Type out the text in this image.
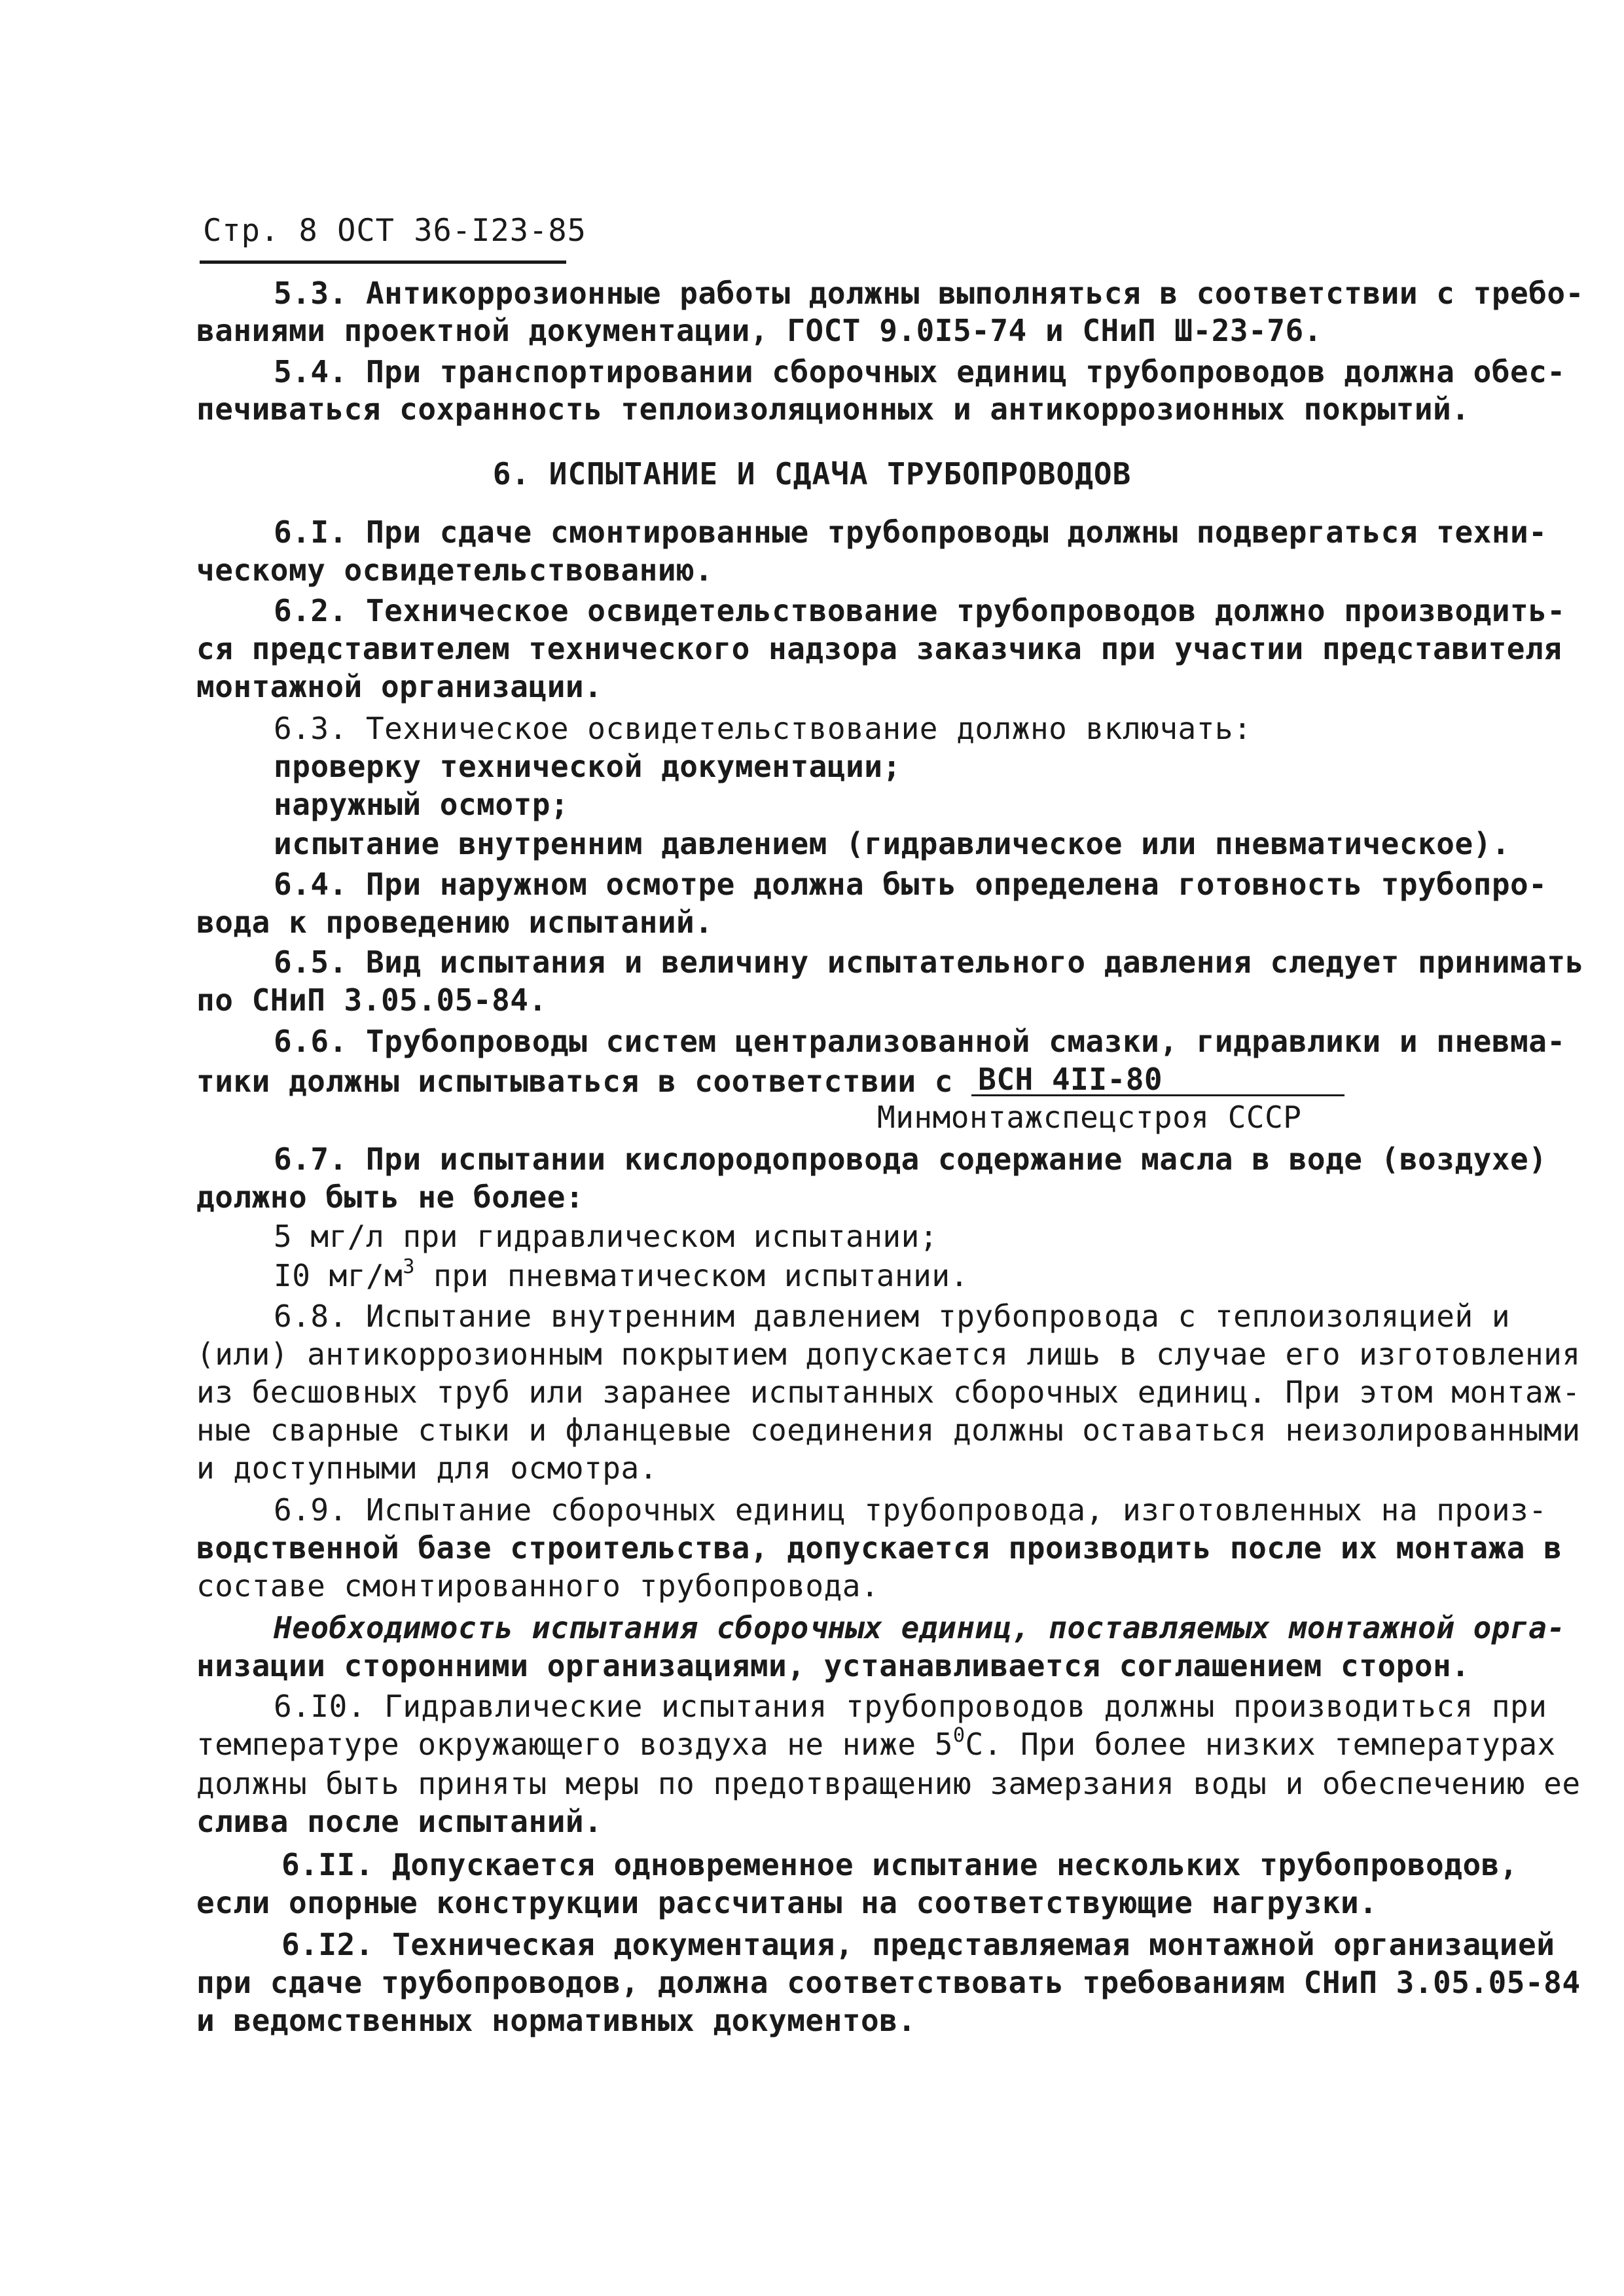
Стр. 8 ОСТ 36-I23-85
5.3. Антикоррозионные работы должны выполняться в соответствии с требо-
ваниями проектной документации, ГОСТ 9.0I5-74 и СНиП Ш-23-76.
5.4. При транспортировании сборочных единиц трубопроводов должна обес-
печиваться сохранность теплоизоляционных и антикоррозионных покрытий.
6. ИСПЫТАНИЕ И СДАЧА ТРУБОПРОВОДОВ
6.I. При сдаче смонтированные трубопроводы должны подвергаться техни-
ческому освидетельствованию.
6.2. Техническое освидетельствование трубопроводов должно производить-
ся представителем технического надзора заказчика при участии представителя
монтажной организации.
6.3. Техническое освидетельствование должно включать:
проверку технической документации;
наружный осмотр;
испытание внутренним давлением (гидравлическое или пневматическое).
6.4. При наружном осмотре должна быть определена готовность трубопро-
вода к проведению испытаний.
6.5. Вид испытания и величину испытательного давления следует принимать
по СНиП 3.05.05-84.
6.6. Трубопроводы систем централизованной смазки, гидравлики и пневма-
тики должны испытываться в соответствии с ВСН 4II-80
Минмонтажспецстроя СССР
6.7. При испытании кислородопровода содержание масла в воде (воздухе)
должно быть не более:
5 мг/л при гидравлическом испытании;
I0 $мг/м^3$ при пневматическом испытании.
6.8. Испытание внутренним давлением трубопровода с теплоизоляцией и
(или) антикоррозионным покрытием допускается лишь в случае его изготовления
из бесшовных труб или заранее испытанных сборочных единиц. При этом монтаж-
ные сварные стыки и фланцевые соединения должны оставаться неизолированными
и доступными для осмотра.
6.9. Испытание сборочных единиц трубопровода, изготовленных на произ-
водственной базе строительства, допускается производить после их монтажа в
составе смонтированного трубопровода.
Необходимость испытания сборочных единиц, поставляемых монтажной орга-
низации сторонними организациями, устанавливается соглашением сторон.
6.I0. Гидравлические испытания трубопроводов должны производиться при
температуре окружающего воздуха не ниже $5^0С$. При более низких температурах
должны быть приняты меры по предотвращению замерзания воды и обеспечению ее
слива после испытаний.
6.II. Допускается одновременное испытание нескольких трубопроводов,
если опорные конструкции рассчитаны на соответствующие нагрузки.
6.I2. Техническая документация, представляемая монтажной организацией
при сдаче трубопроводов, должна соответствовать требованиям СНиП 3.05.05-84
и ведомственных нормативных документов.
